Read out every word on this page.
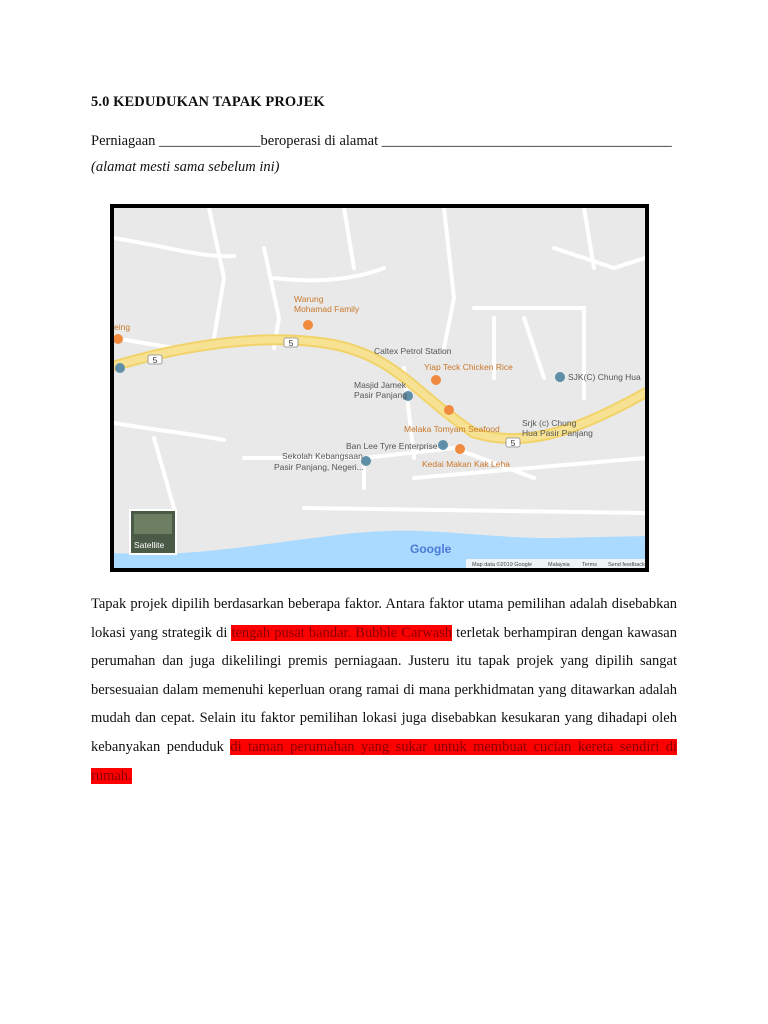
5.0 KEDUDUKAN TAPAK PROJEK
Perniagaan ______________beroperasi di alamat ________________________________________
(alamat mesti sama sebelum ini)
5
5
5
Warung
Mohamad Family
eing
Caltex Petrol Station
Yiap Teck Chicken Rice
Masjid Jamek
Pasir Panjang
SJK(C) Chung Hua
Srjk (c) Chung
Hua Pasir Panjang
Melaka Tomyam Seafood
Ban Lee Tyre Enterprise
Sekolah Kebangsaan
Pasir Panjang, Negeri...	Kedai Makan Kak Leha
Satellite	Google
Map data ©2019 Google	Malaysia Terms Send feedback
Tapak projek dipilih berdasarkan beberapa faktor. Antara faktor utama pemilihan adalah disebabkan lokasi yang strategik di tengah pusat bandar. Bubble Carwash terletak berhampiran dengan kawasan perumahan dan juga dikelilingi premis perniagaan. Justeru itu tapak projek yang dipilih sangat bersesuaian dalam memenuhi keperluan orang ramai di mana perkhidmatan yang ditawarkan adalah mudah dan cepat. Selain itu faktor pemilihan lokasi juga disebabkan kesukaran yang dihadapi oleh kebanyakan penduduk di taman perumahan yang sukar untuk membuat cucian kereta sendiri di rumah.
